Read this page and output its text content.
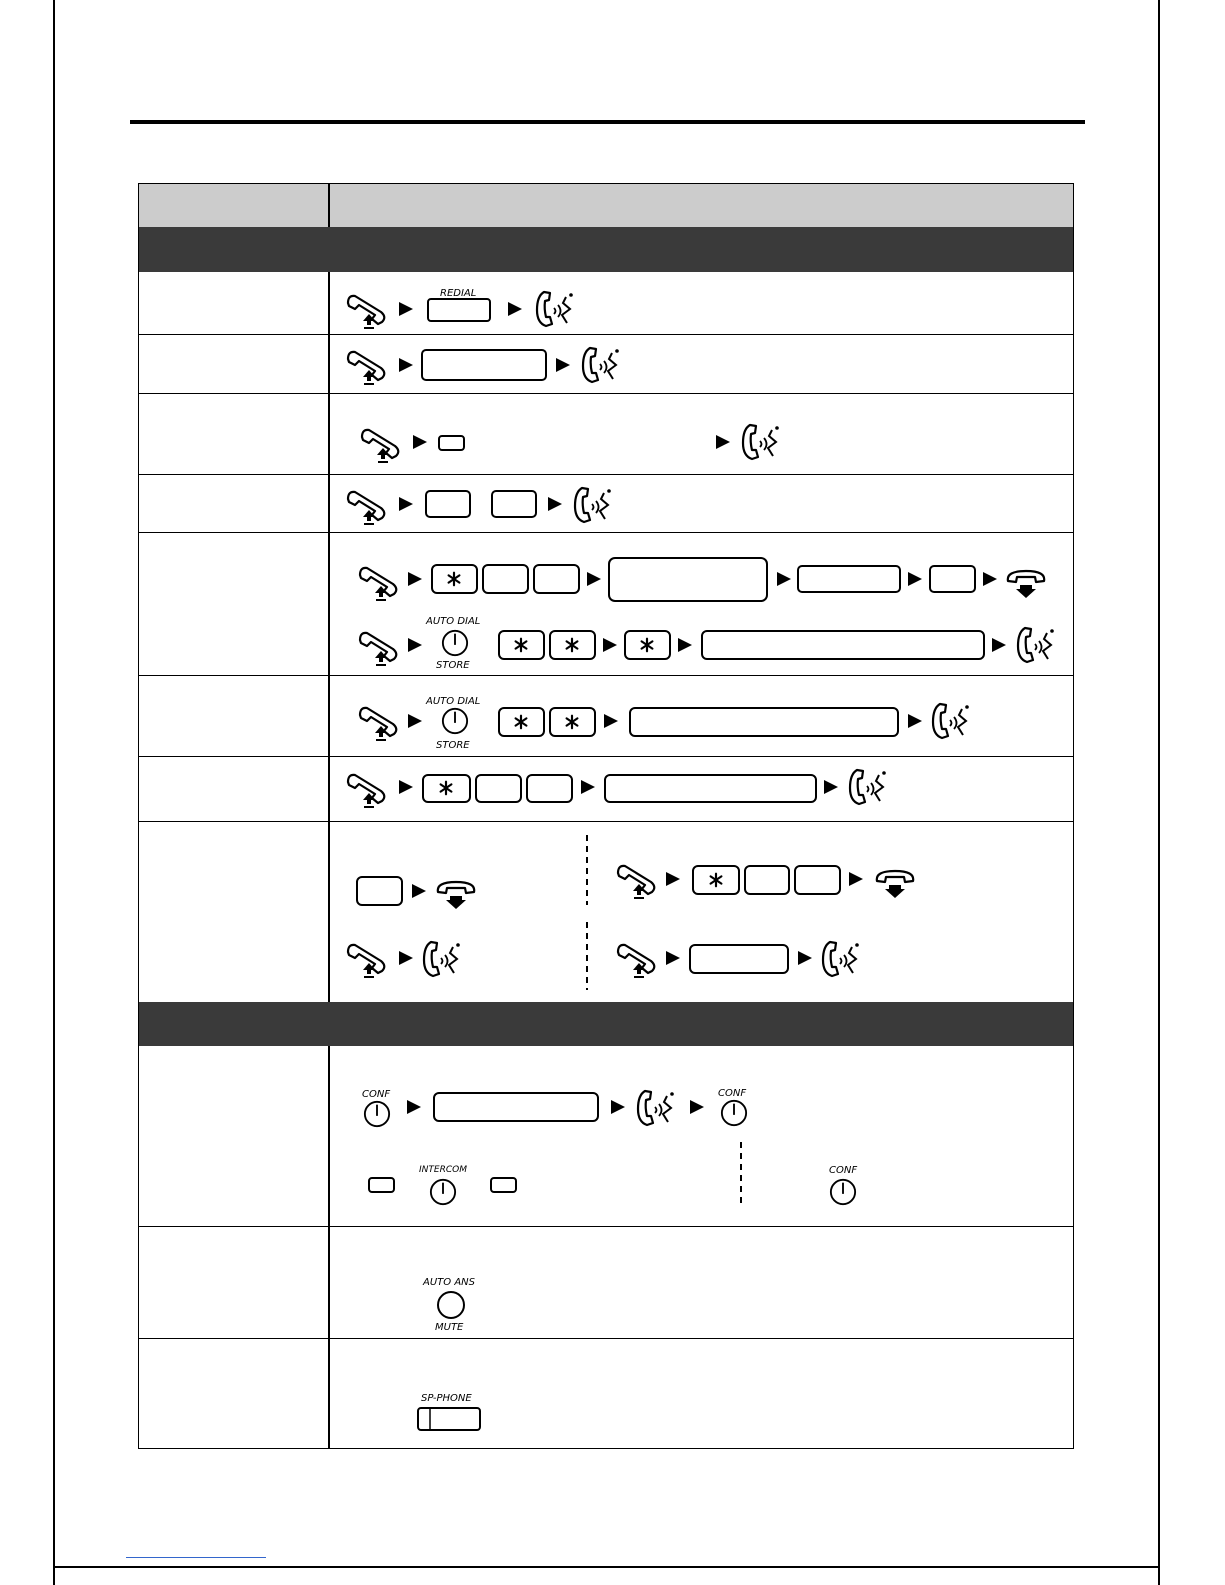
REDIAL
AUTO DIAL
STORE
AUTO DIAL
STORE
CONF	CONF
INTERCOM	CONF
AUTO ANS
MUTE
SP-PHONE
